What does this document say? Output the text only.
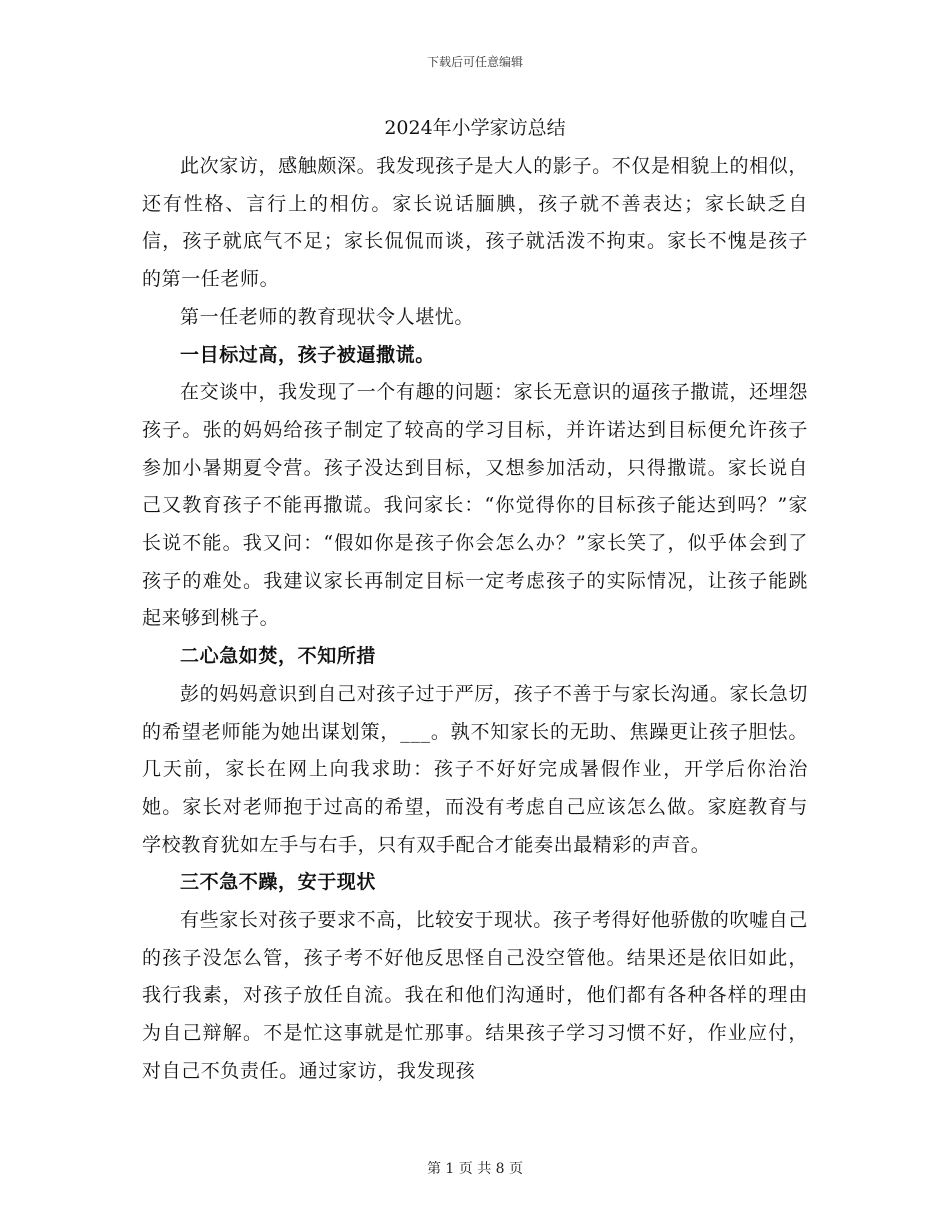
下载后可任意编辑
2024年小学家访总结

此次家访，感触颇深。我发现孩子是大人的影子。不仅是相貌上的相似，还有性格、言行上的相仿。家长说话腼腆，孩子就不善表达；家长缺乏自信，孩子就底气不足；家长侃侃而谈，孩子就活泼不拘束。家长不愧是孩子的第一任老师。

第一任老师的教育现状令人堪忧。

一目标过高，孩子被逼撒谎。

在交谈中，我发现了一个有趣的问题：家长无意识的逼孩子撒谎，还埋怨孩子。张的妈妈给孩子制定了较高的学习目标，并许诺达到目标便允许孩子参加小暑期夏令营。孩子没达到目标，又想参加活动，只得撒谎。家长说自己又教育孩子不能再撒谎。我问家长：“你觉得你的目标孩子能达到吗？”家长说不能。我又问：“假如你是孩子你会怎么办？”家长笑了，似乎体会到了孩子的难处。我建议家长再制定目标一定考虑孩子的实际情况，让孩子能跳起来够到桃子。

二心急如焚，不知所措

彭的妈妈意识到自己对孩子过于严厉，孩子不善于与家长沟通。家长急切的希望老师能为她出谋划策，___。孰不知家长的无助、焦躁更让孩子胆怯。几天前，家长在网上向我求助：孩子不好好完成暑假作业，开学后你治治她。家长对老师抱于过高的希望，而没有考虑自己应该怎么做。家庭教育与学校教育犹如左手与右手，只有双手配合才能奏出最精彩的声音。

三不急不躁，安于现状

有些家长对孩子要求不高，比较安于现状。孩子考得好他骄傲的吹嘘自己的孩子没怎么管，孩子考不好他反思怪自己没空管他。结果还是依旧如此，我行我素，对孩子放任自流。我在和他们沟通时，他们都有各种各样的理由为自己辩解。不是忙这事就是忙那事。结果孩子学习习惯不好，作业应付，对自己不负责任。通过家访，我发现孩

第 1 页 共 8 页
